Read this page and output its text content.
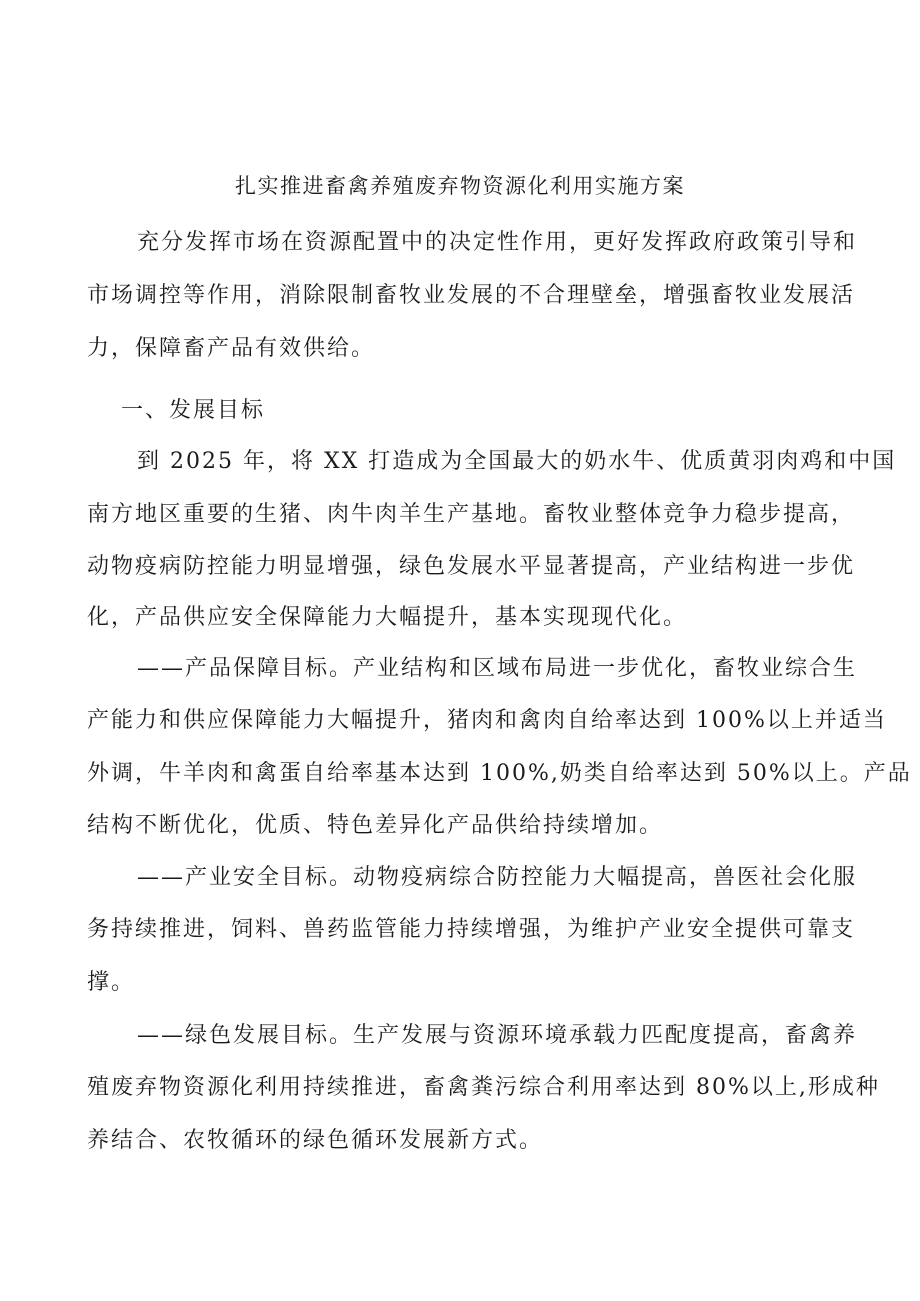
扎实推进畜禽养殖废弃物资源化利用实施方案
充分发挥市场在资源配置中的决定性作用，更好发挥政府政策引导和
市场调控等作用，消除限制畜牧业发展的不合理壁垒，增强畜牧业发展活
力，保障畜产品有效供给。
一、发展目标
到 2025 年，将 XX 打造成为全国最大的奶水牛、优质黄羽肉鸡和中国
南方地区重要的生猪、肉牛肉羊生产基地。畜牧业整体竞争力稳步提高，
动物疫病防控能力明显增强，绿色发展水平显著提高，产业结构进一步优
化，产品供应安全保障能力大幅提升，基本实现现代化。
——产品保障目标。产业结构和区域布局进一步优化，畜牧业综合生
产能力和供应保障能力大幅提升，猪肉和禽肉自给率达到 100%以上并适当
外调，牛羊肉和禽蛋自给率基本达到 100%,奶类自给率达到 50%以上。产品
结构不断优化，优质、特色差异化产品供给持续增加。
——产业安全目标。动物疫病综合防控能力大幅提高，兽医社会化服
务持续推进，饲料、兽药监管能力持续增强，为维护产业安全提供可靠支
撑。
——绿色发展目标。生产发展与资源环境承载力匹配度提高，畜禽养
殖废弃物资源化利用持续推进，畜禽粪污综合利用率达到 80%以上,形成种
养结合、农牧循环的绿色循环发展新方式。
